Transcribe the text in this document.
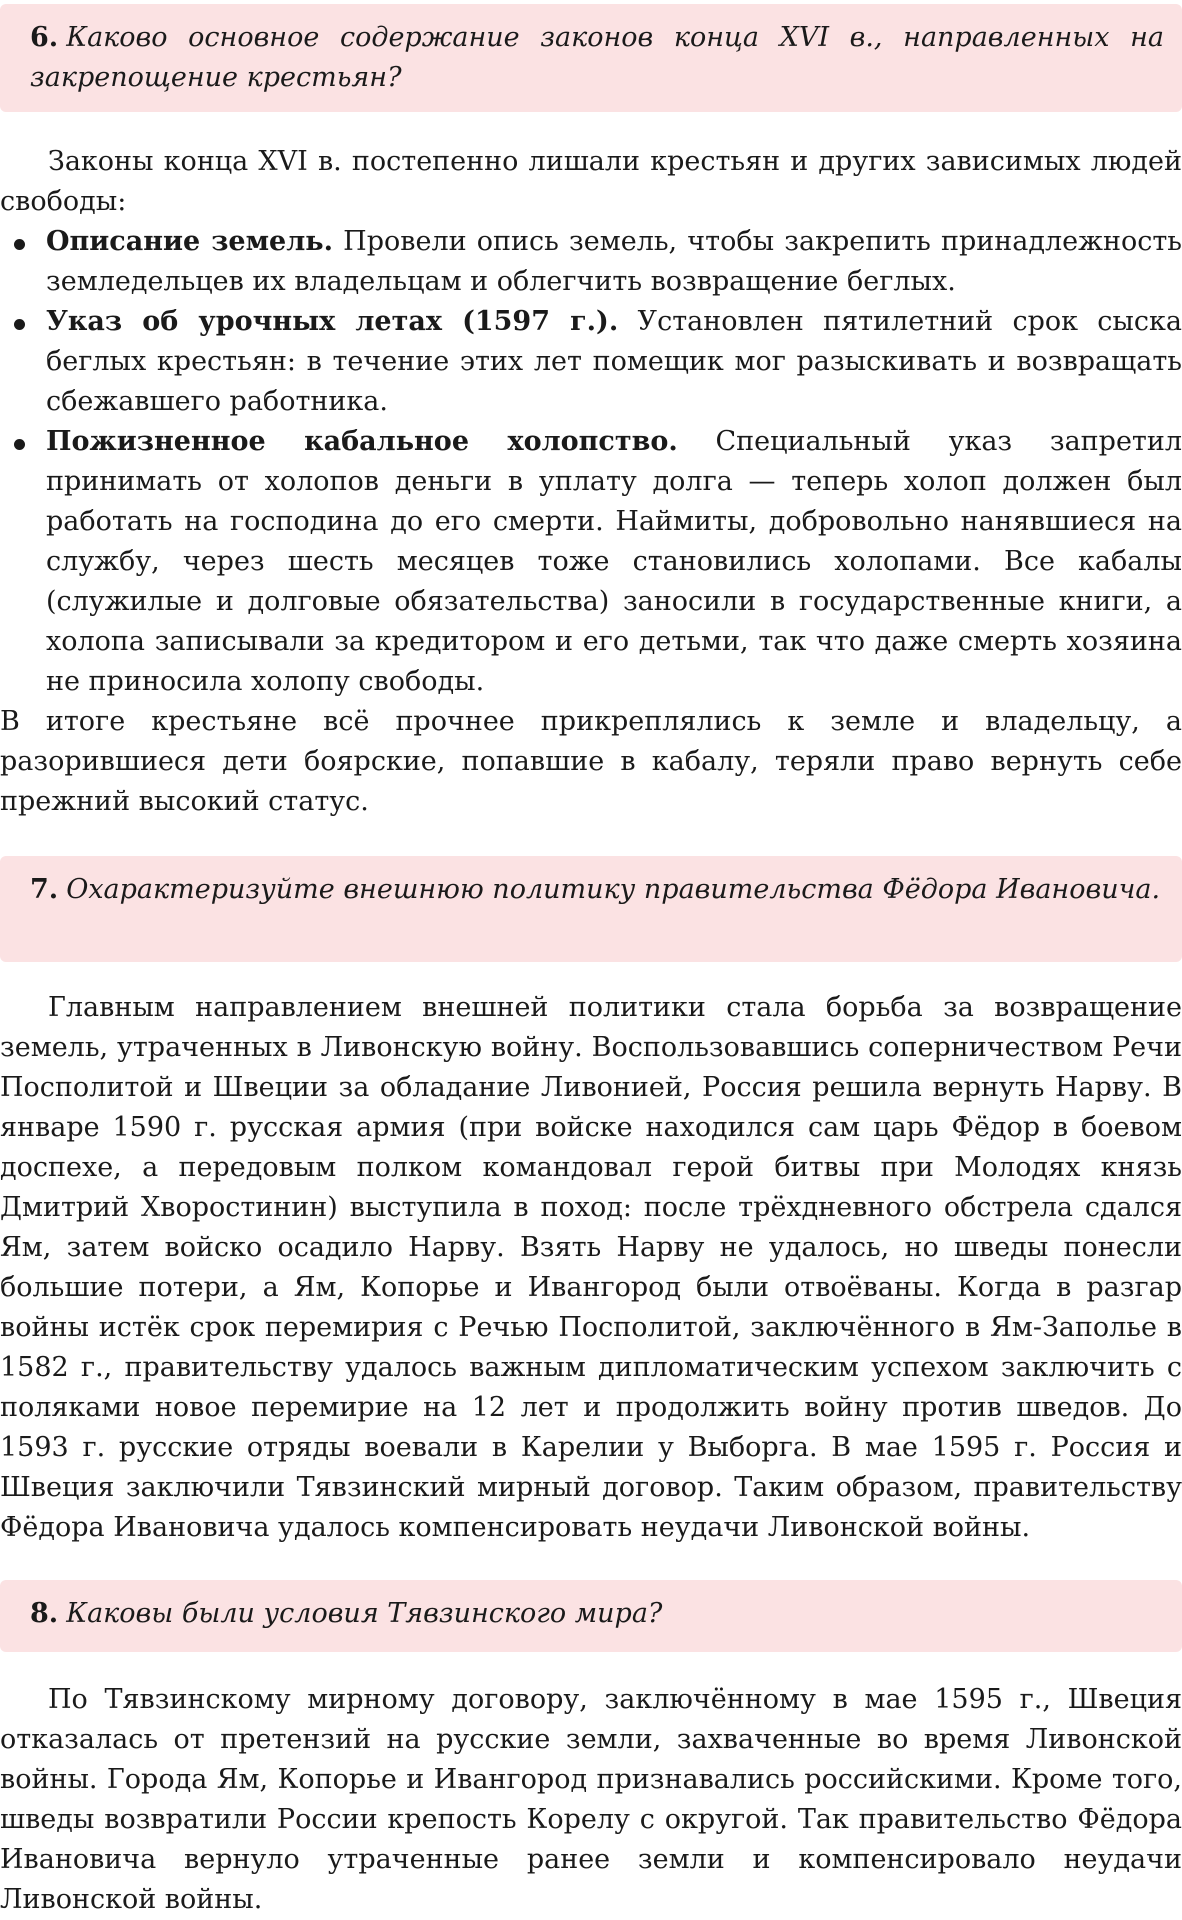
6. Каково основное содержание законов конца XVI в., направленных на закрепощение крестьян?

Законы конца XVI в. постепенно лишали крестьян и других зависимых людей свободы:

Описание земель. Провели опись земель, чтобы закрепить принадлежность земледельцев их владельцам и облегчить возвращение беглых.
Указ об урочных летах (1597 г.). Установлен пятилетний срок сыска беглых крестьян: в течение этих лет помещик мог разыскивать и возвращать сбежавшего работника.
Пожизненное кабальное холопство. Специальный указ запретил принимать от холопов деньги в уплату долга — теперь холоп должен был работать на господина до его смерти. Наймиты, добровольно нанявшиеся на службу, через шесть месяцев тоже становились холопами. Все кабалы (служилые и долговые обязательства) заносили в государственные книги, а холопа записывали за кредитором и его детьми, так что даже смерть хозяина не приносила холопу свободы.

В итоге крестьяне всё прочнее прикреплялись к земле и владельцу, а разорившиеся дети боярские, попавшие в кабалу, теряли право вернуть себе прежний высокий статус.

7. Охарактеризуйте внешнюю политику правительства Фёдора Ивановича.

Главным направлением внешней политики стала борьба за возвращение земель, утраченных в Ливонскую войну. Воспользовавшись соперничеством Речи Посполитой и Швеции за обладание Ливонией, Россия решила вернуть Нарву. В январе 1590 г. русская армия (при войске находился сам царь Фёдор в боевом доспехе, а передовым полком командовал герой битвы при Молодях князь Дмитрий Хворостинин) выступила в поход: после трёхдневного обстрела сдался Ям, затем войско осадило Нарву. Взять Нарву не удалось, но шведы понесли большие потери, а Ям, Копорье и Ивангород были отвоёваны. Когда в разгар войны истёк срок перемирия с Речью Посполитой, заключённого в Ям-Заполье в 1582 г., правительству удалось важным дипломатическим успехом заключить с поляками новое перемирие на 12 лет и продолжить войну против шведов. До 1593 г. русские отряды воевали в Карелии у Выборга. В мае 1595 г. Россия и Швеция заключили Тявзинский мирный договор. Таким образом, правительству Фёдора Ивановича удалось компенсировать неудачи Ливонской войны.

8. Каковы были условия Тявзинского мира?

По Тявзинскому мирному договору, заключённому в мае 1595 г., Швеция отказалась от претензий на русские земли, захваченные во время Ливонской войны. Города Ям, Копорье и Ивангород признавались российскими. Кроме того, шведы возвратили России крепость Корелу с округой. Так правительство Фёдора Ивановича вернуло утраченные ранее земли и компенсировало неудачи Ливонской войны.
